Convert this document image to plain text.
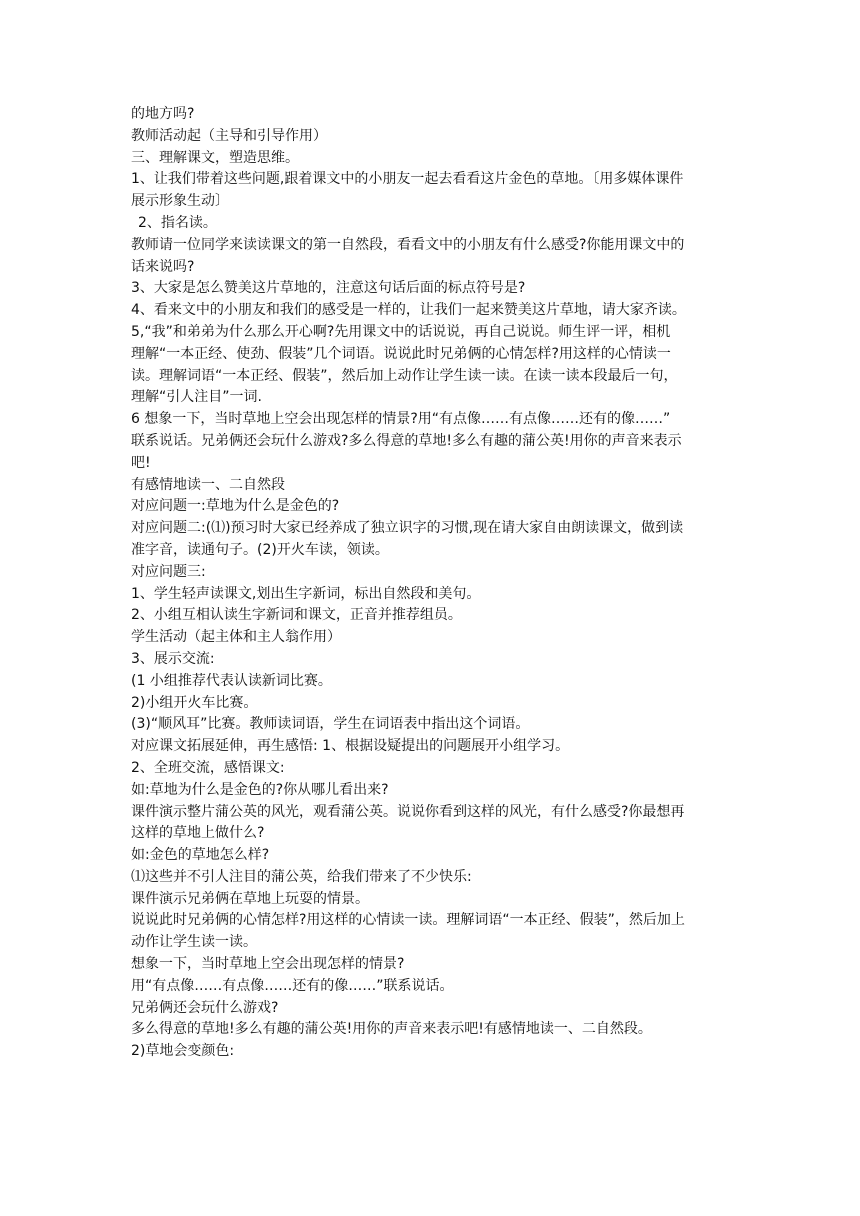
的地方吗?

教师活动起（主导和引导作用）

三、理解课文，塑造思维。

1、让我们带着这些问题,跟着课文中的小朋友一起去看看这片金色的草地。〔用多媒体课件

展示形象生动〕

2、指名读。

教师请一位同学来读读课文的第一自然段，看看文中的小朋友有什么感受?你能用课文中的

话来说吗?

3、大家是怎么赞美这片草地的，注意这句话后面的标点符号是?

4、看来文中的小朋友和我们的感受是一样的，让我们一起来赞美这片草地，请大家齐读。

5,“我”和弟弟为什么那么开心啊?先用课文中的话说说，再自己说说。师生评一评，相机

理解“一本正经、使劲、假装”几个词语。说说此时兄弟俩的心情怎样?用这样的心情读一

读。理解词语“一本正经、假装”，然后加上动作让学生读一读。在读一读本段最后一句，

理解“引人注目”一词.

6 想象一下，当时草地上空会出现怎样的情景?用“有点像……有点像……还有的像……”

联系说话。兄弟俩还会玩什么游戏?多么得意的草地!多么有趣的蒲公英!用你的声音来表示

吧!

有感情地读一、二自然段

对应问题一:草地为什么是金色的?

对应问题二:(⑴)预习时大家已经养成了独立识字的习惯,现在请大家自由朗读课文，做到读

准字音，读通句子。(2)开火车读，领读。

对应问题三:

1、学生轻声读课文,划出生字新词，标出自然段和美句。

2、小组互相认读生字新词和课文，正音并推荐组员。

学生活动（起主体和主人翁作用）

3、展示交流:

(1 小组推荐代表认读新词比赛。

2)小组开火车比赛。

(3)“顺风耳”比赛。教师读词语，学生在词语表中指出这个词语。

对应课文拓展延伸，再生感悟: 1、根据设疑提出的问题展开小组学习。

2、全班交流，感悟课文:

如:草地为什么是金色的?你从哪儿看出来?

课件演示整片蒲公英的风光，观看蒲公英。说说你看到这样的风光，有什么感受?你最想再

这样的草地上做什么?

如:金色的草地怎么样?

⑴这些并不引人注目的蒲公英，给我们带来了不少快乐:

课件演示兄弟俩在草地上玩耍的情景。

说说此时兄弟俩的心情怎样?用这样的心情读一读。理解词语“一本正经、假装”，然后加上

动作让学生读一读。

想象一下，当时草地上空会出现怎样的情景?

用“有点像……有点像……还有的像……”联系说话。

兄弟俩还会玩什么游戏?

多么得意的草地!多么有趣的蒲公英!用你的声音来表示吧!有感情地读一、二自然段。

2)草地会变颜色:
